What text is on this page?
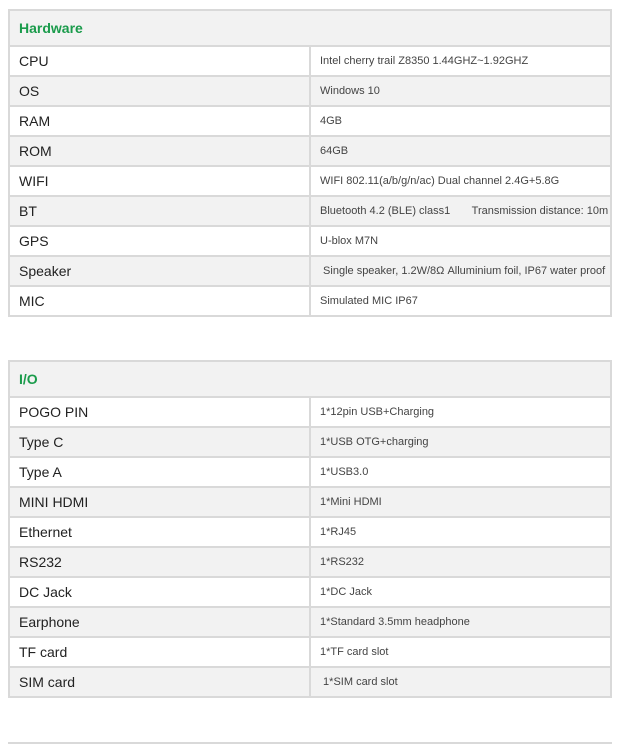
Hardware	
CPU	Intel cherry trail Z8350 1.44GHZ~1.92GHZ
OS	Windows 10
RAM	4GB
ROM	64GB
WIFI	WIFI 802.11(a/b/g/n/ac) Dual channel 2.4G+5.8G
BT	Bluetooth 4.2 (BLE) class1       Transmission distance: 10m
GPS	U-blox M7N
Speaker	Single speaker, 1.2W/8Ω Alluminium foil, IP67 water proof
MIC	Simulated MIC IP67
I/O	
POGO PIN	1*12pin USB+Charging
Type C	1*USB OTG+charging
Type A	1*USB3.0
MINI HDMI	1*Mini HDMI
Ethernet	1*RJ45
RS232	1*RS232
DC Jack	1*DC Jack
Earphone	1*Standard 3.5mm headphone
TF card	1*TF card slot
SIM card	1*SIM card slot
